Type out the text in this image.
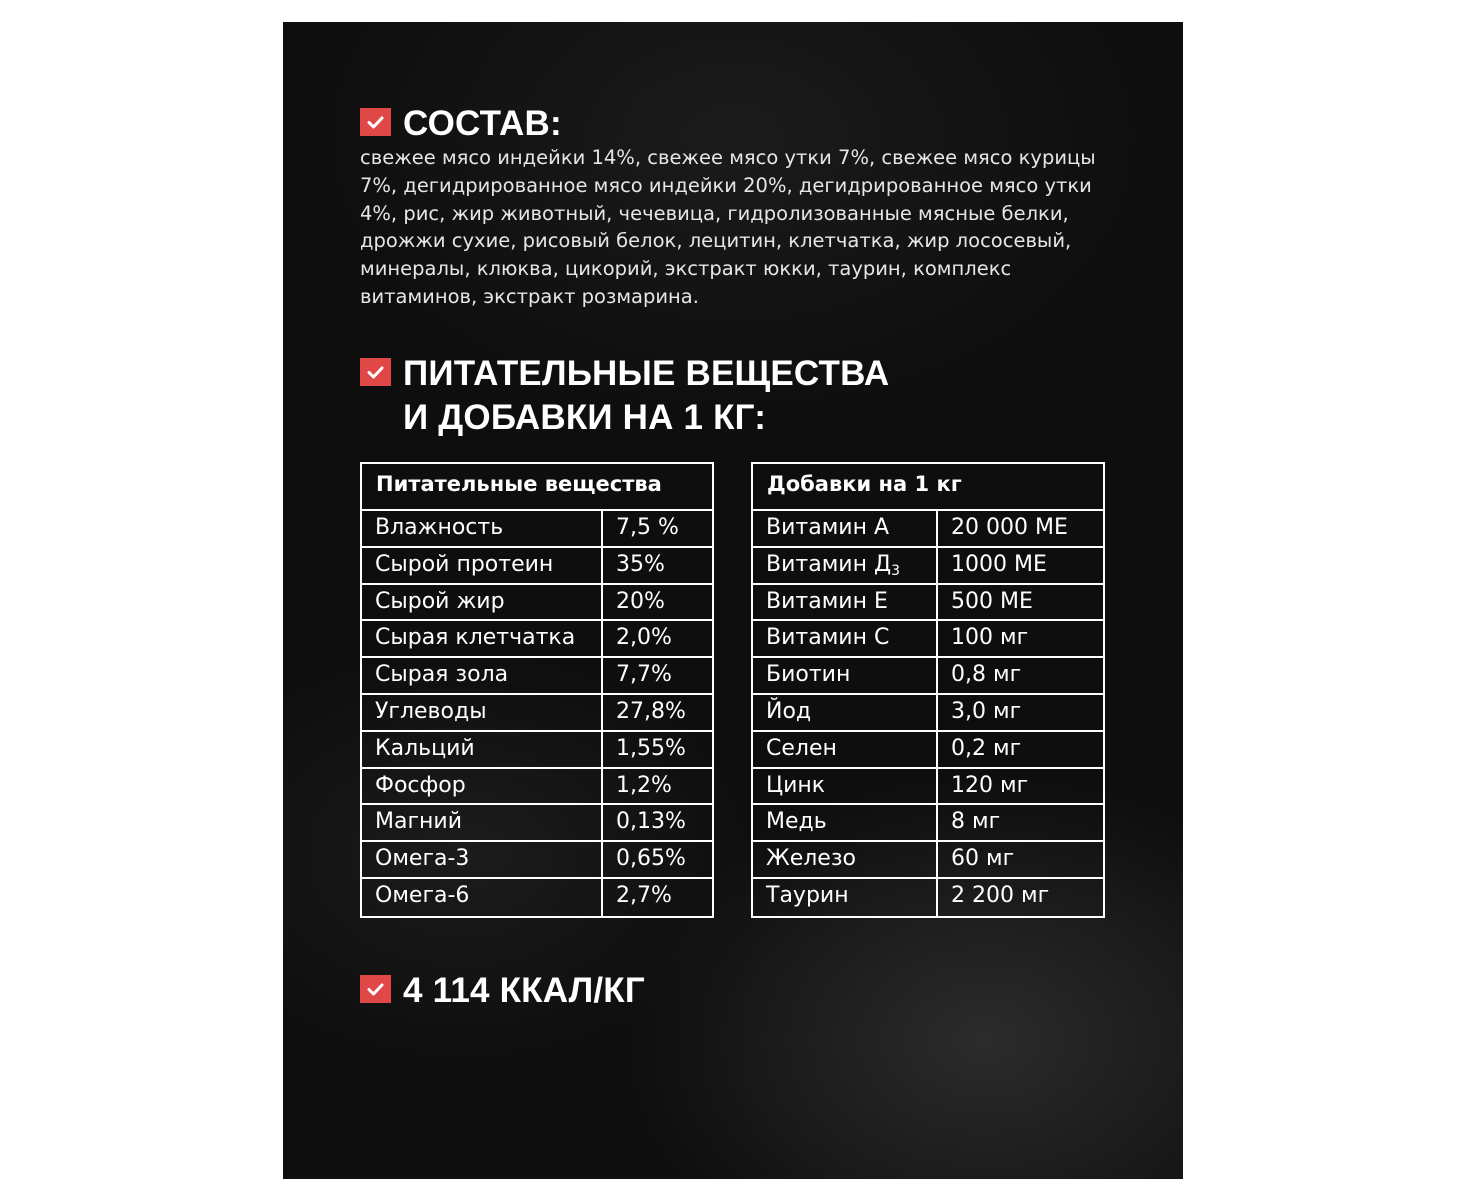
СОСТАВ:
свежее мясо индейки 14%, свежее мясо утки 7%, свежее мясо курицы 7%, дегидрированное мясо индейки 20%, дегидрированное мясо утки 4%, рис, жир животный, чечевица, гидролизованные мясные белки, дрожжи сухие, рисовый белок, лецитин, клетчатка, жир лососевый, минералы, клюква, цикорий, экстракт юкки, таурин, комплекс витаминов, экстракт розмарина.
ПИТАТЕЛЬНЫЕ ВЕЩЕСТВА
И ДОБАВКИ НА 1 КГ:
Питательные вещества
Влажность	7,5 %
Сырой протеин	35%
Сырой жир	20%
Сырая клетчатка	2,0%
Сырая зола	7,7%
Углеводы	27,8%
Кальций	1,55%
Фосфор	1,2%
Магний	0,13%
Омега-3	0,65%
Омега-6	2,7%
Добавки на 1 кг
Витамин А	20 000 МЕ
Витамин $Д_3$	1000 МЕ
Витамин Е	500 МЕ
Витамин С	100 мг
Биотин	0,8 мг
Йод	3,0 мг
Селен	0,2 мг
Цинк	120 мг
Медь	8 мг
Железо	60 мг
Таурин	2 200 мг
4 114 ККАЛ/КГ
